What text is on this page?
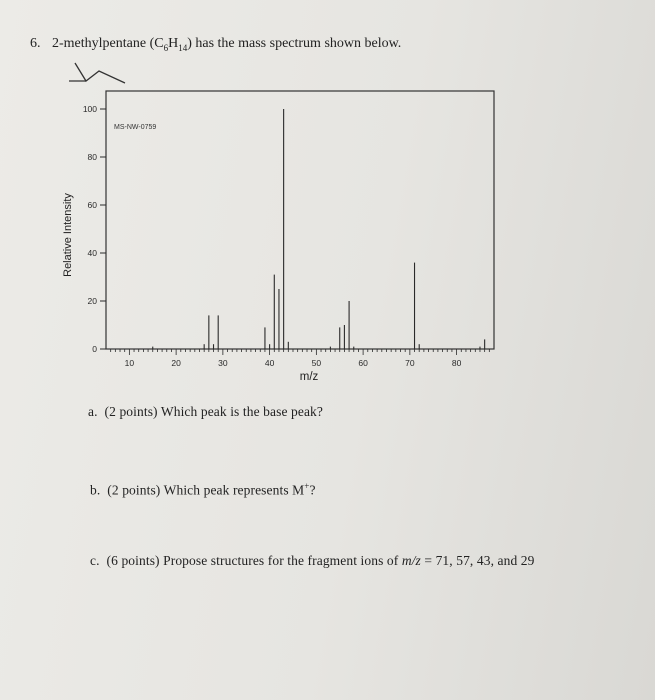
6. 2-methylpentane $(C_6H_{14})$ has the mass spectrum shown below.
MS-NW-0759
0
20
40
60
80
100
10	20	30	40	50	60	70	80
m/z
Relative Intensity
a. (2 points) Which peak is the base peak?
b. (2 points) Which peak represents M+?
c. (6 points) Propose structures for the fragment ions of m/z = 71, 57, 43, and 29
